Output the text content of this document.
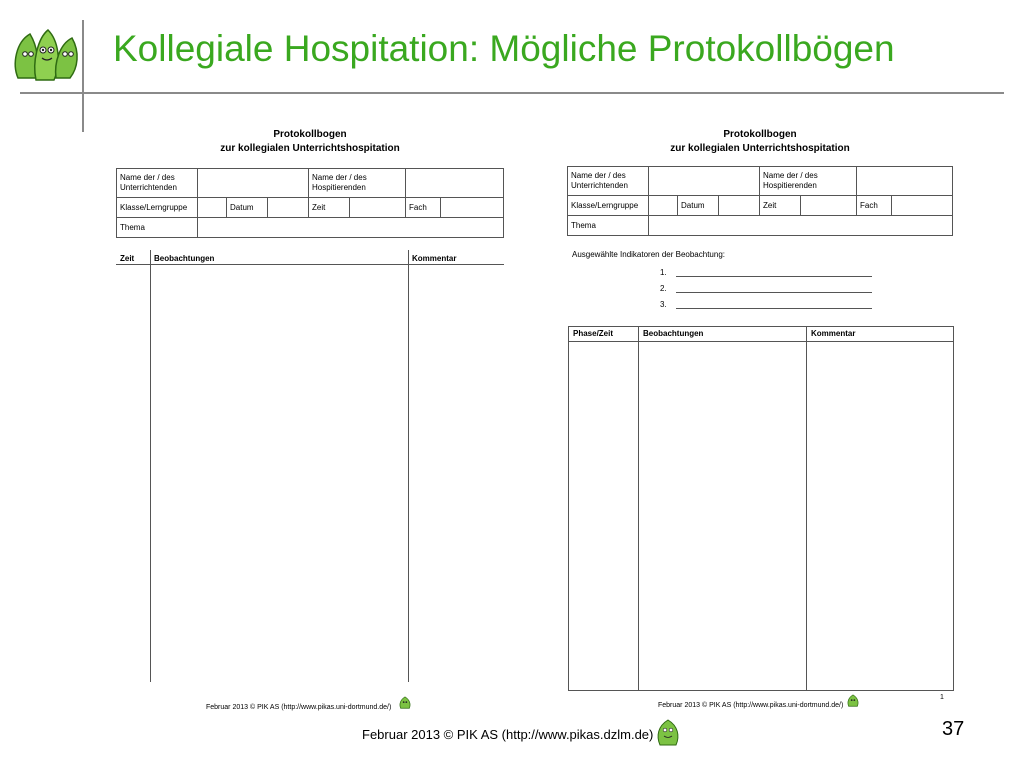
Kollegiale Hospitation: Mögliche Protokollbögen
Protokollbogen
zur kollegialen Unterrichtshospitation
Name der / des Unterrichtenden				Name der / des Hospitierenden			
Klasse/Lerngruppe		Datum		Zeit		Fach	
Thema							
Zeit Beobachtungen	Kommentar
Februar 2013 © PIK AS (http://www.pikas.uni-dortmund.de/)
Protokollbogen
zur kollegialen Unterrichtshospitation
Name der / des Unterrichtenden				Name der / des Hospitierenden			
Klasse/Lerngruppe		Datum		Zeit		Fach	
Thema							
Ausgewählte Indikatoren der Beobachtung:
1.
2.
3.
Phase/Zeit	Beobachtungen	Kommentar
1
Februar 2013 © PIK AS (http://www.pikas.uni-dortmund.de/)
Februar 2013 © PIK AS (http://www.pikas.dzlm.de)	37
